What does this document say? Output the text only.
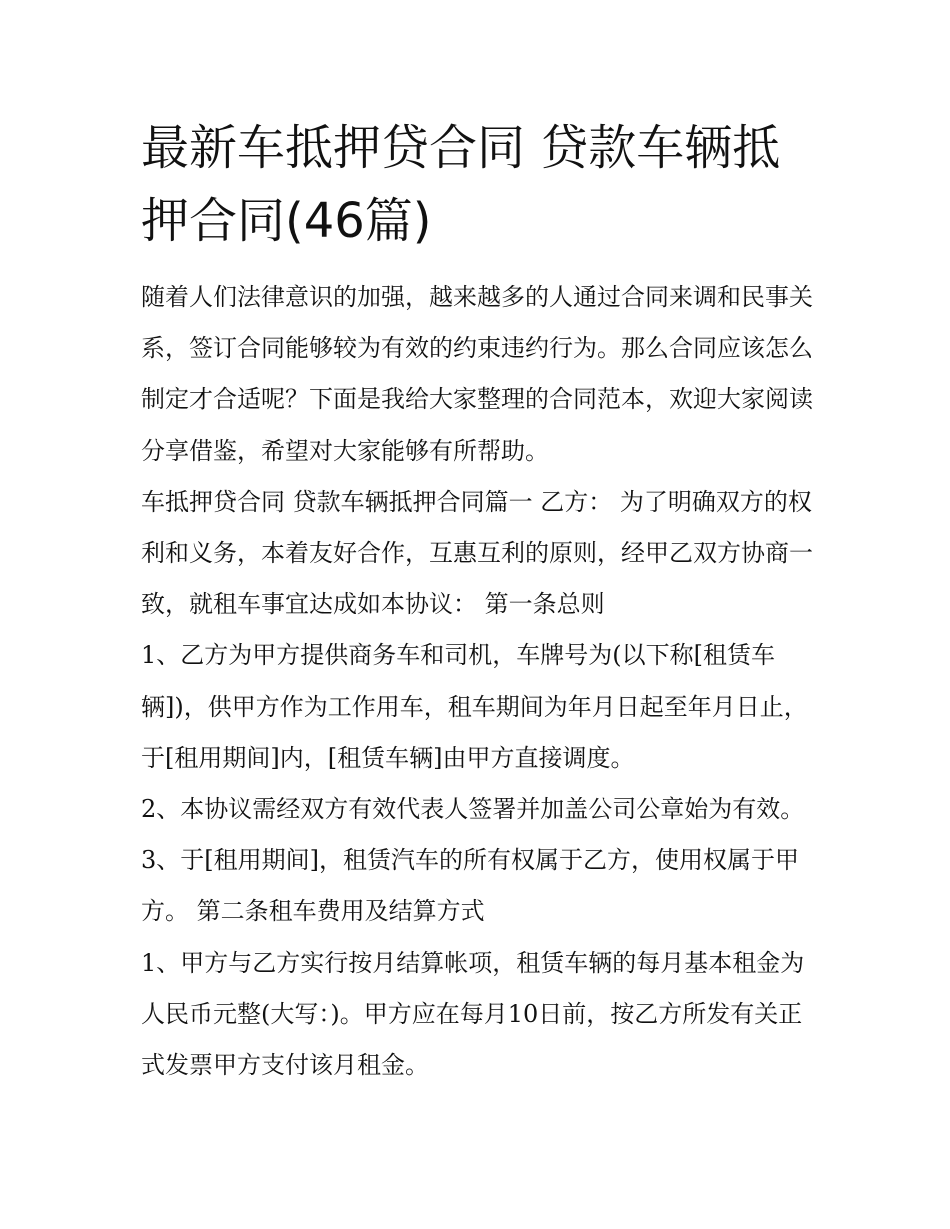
最新车抵押贷合同 贷款车辆抵押合同(46篇)

随着人们法律意识的加强，越来越多的人通过合同来调和民事关系，签订合同能够较为有效的约束违约行为。那么合同应该怎么制定才合适呢？下面是我给大家整理的合同范本，欢迎大家阅读分享借鉴，希望对大家能够有所帮助。

车抵押贷合同 贷款车辆抵押合同篇一 乙方： 为了明确双方的权利和义务，本着友好合作，互惠互利的原则，经甲乙双方协商一致，就租车事宜达成如本协议： 第一条总则

1、乙方为甲方提供商务车和司机，车牌号为(以下称[租赁车辆])，供甲方作为工作用车，租车期间为年月日起至年月日止，于[租用期间]内，[租赁车辆]由甲方直接调度。

2、本协议需经双方有效代表人签署并加盖公司公章始为有效。 3、于[租用期间]，租赁汽车的所有权属于乙方，使用权属于甲方。 第二条租车费用及结算方式

1、甲方与乙方实行按月结算帐项，租赁车辆的每月基本租金为人民币元整(大写：)。甲方应在每月10日前，按乙方所发有关正式发票甲方支付该月租金。
